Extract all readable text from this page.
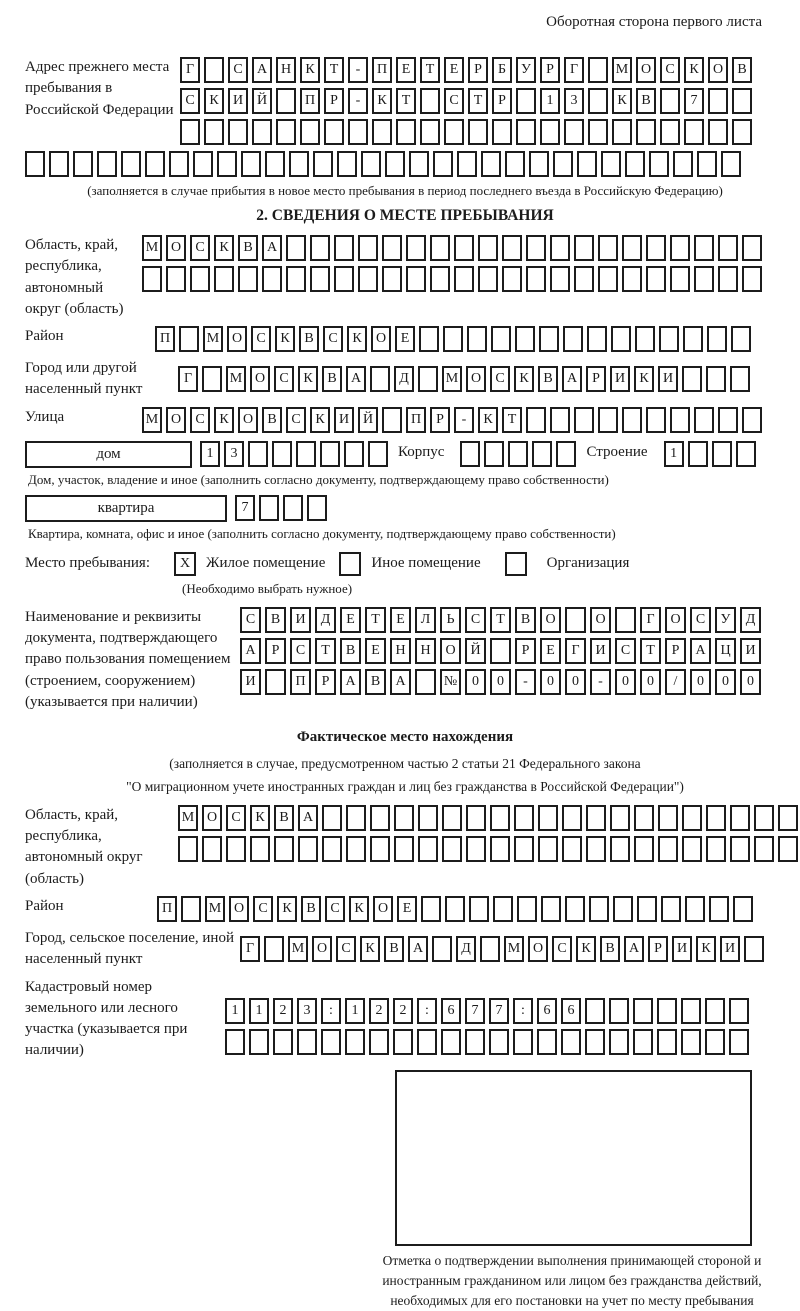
Оборотная сторона первого листа
Адрес прежнего места пребывания в Российской Федерации
Г	С	А Н	К	Т	-	П	Е	Т	Е	Р	Б	У	Р	Г	М О	С	К	О	В
С	К	И Й	П	Р	-	К	Т	С	Т	Р	1	3	К	В	7
(заполняется в случае прибытия в новое место пребывания в период последнего въезда в Российскую Федерацию)
2. СВЕДЕНИЯ О МЕСТЕ ПРЕБЫВАНИЯ
Область, край, республика, автономный округ (область)
М О	С	К	В	А
Район	П	М О	С	К	В	С	К	О	Е
Город или другой населенный пункт
Г	М О	С	К	В	А	Д	М О	С	К	В	А	Р	И	К	И
Улица	М О	С	К	О	В	С	К	И Й	П	Р	-	К	Т
дом	1	3	Корпус	Строение	1
Дом, участок, владение и иное (заполнить согласно документу, подтверждающему право собственности)
квартира	7
Квартира, комната, офис и иное (заполнить согласно документу, подтверждающему право собственности)
Место пребывания:	X	Жилое помещение	Иное помещение	Организация
(Необходимо выбрать нужное)
Наименование и реквизиты документа, подтверждающего право пользования помещением (строением, сооружением) (указывается при наличии)
С	В	И	Д	Е	Т	Е	Л	Ь	С	Т	В	О	О	Г	О	С	У	Д
А	Р	С	Т	В	Е	Н	Н	О	Й	Р	Е	Г	И	С	Т	Р	А	Ц	И
И	П	Р	А	В	А	№	0	0	-	0	0	-	0	0	/	0	0	0
Фактическое место нахождения
(заполняется в случае, предусмотренном частью 2 статьи 21 Федерального закона
"О миграционном учете иностранных граждан и лиц без гражданства в Российской Федерации")
Область, край, республика, автономный округ (область)
М О	С	К	В	А
Район	П	М О	С	К	В	С	К	О	Е
Город, сельское поселение, иной населенный пункт
Г	М О	С	К	В	А	Д	М О	С	К	В	А	Р	И	К	И
Кадастровый номер земельного или лесного участка (указывается при наличии)
1	1	2	3	:	1	2	2	:	6	7	7	:	6	6
Отметка о подтверждении выполнения принимающей стороной и иностранным гражданином или лицом без гражданства действий, необходимых для его постановки на учет по месту пребывания
